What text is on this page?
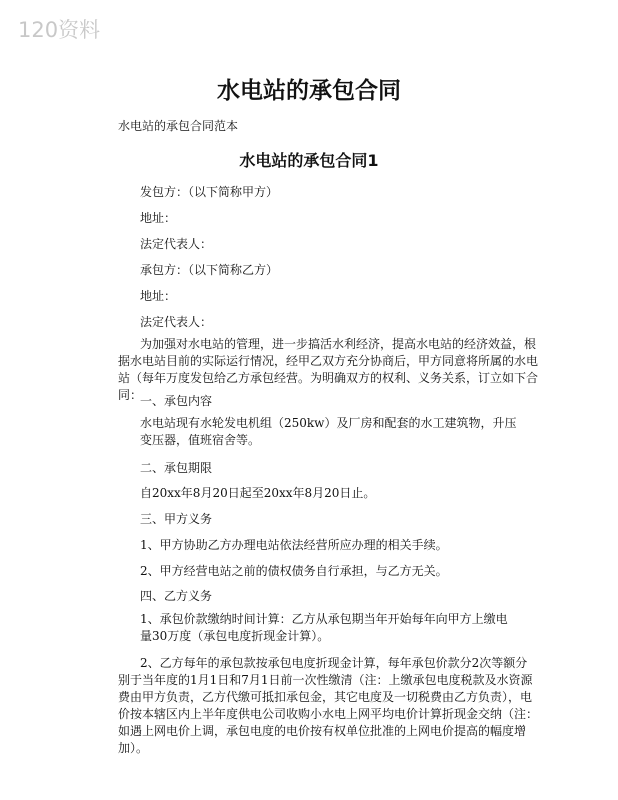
120资料
水电站的承包合同
水电站的承包合同范本
水电站的承包合同1
发包方：（以下简称甲方）
地址：
法定代表人：
承包方：（以下简称乙方）
地址：
法定代表人：

为加强对水电站的管理，进一步搞活水利经济，提高水电站的经济效益，根据水电站目前的实际运行情况，经甲乙双方充分协商后，甲方同意将所属的水电站（每年万度发包给乙方承包经营。为明确双方的权利、义务关系，订立如下合同：

一、承包内容

水电站现有水轮发电机组（250kw）及厂房和配套的水工建筑物，升压变压器，值班宿舍等。

二、承包期限
自20xx年8月20日起至20xx年8月20日止。
三、甲方义务
1、甲方协助乙方办理电站依法经营所应办理的相关手续。
2、甲方经营电站之前的债权债务自行承担，与乙方无关。
四、乙方义务

1、承包价款缴纳时间计算：乙方从承包期当年开始每年向甲方上缴电量30万度（承包电度折现金计算）。

2、乙方每年的承包款按承包电度折现金计算，每年承包价款分2次等额分别于当年度的1月1日和7月1日前一次性缴清（注：上缴承包电度税款及水资源费由甲方负责，乙方代缴可抵扣承包金，其它电度及一切税费由乙方负责），电价按本辖区内上半年度供电公司收购小水电上网平均电价计算折现金交纳（注：如遇上网电价上调，承包电度的电价按有权单位批准的上网电价提高的幅度增加）。
